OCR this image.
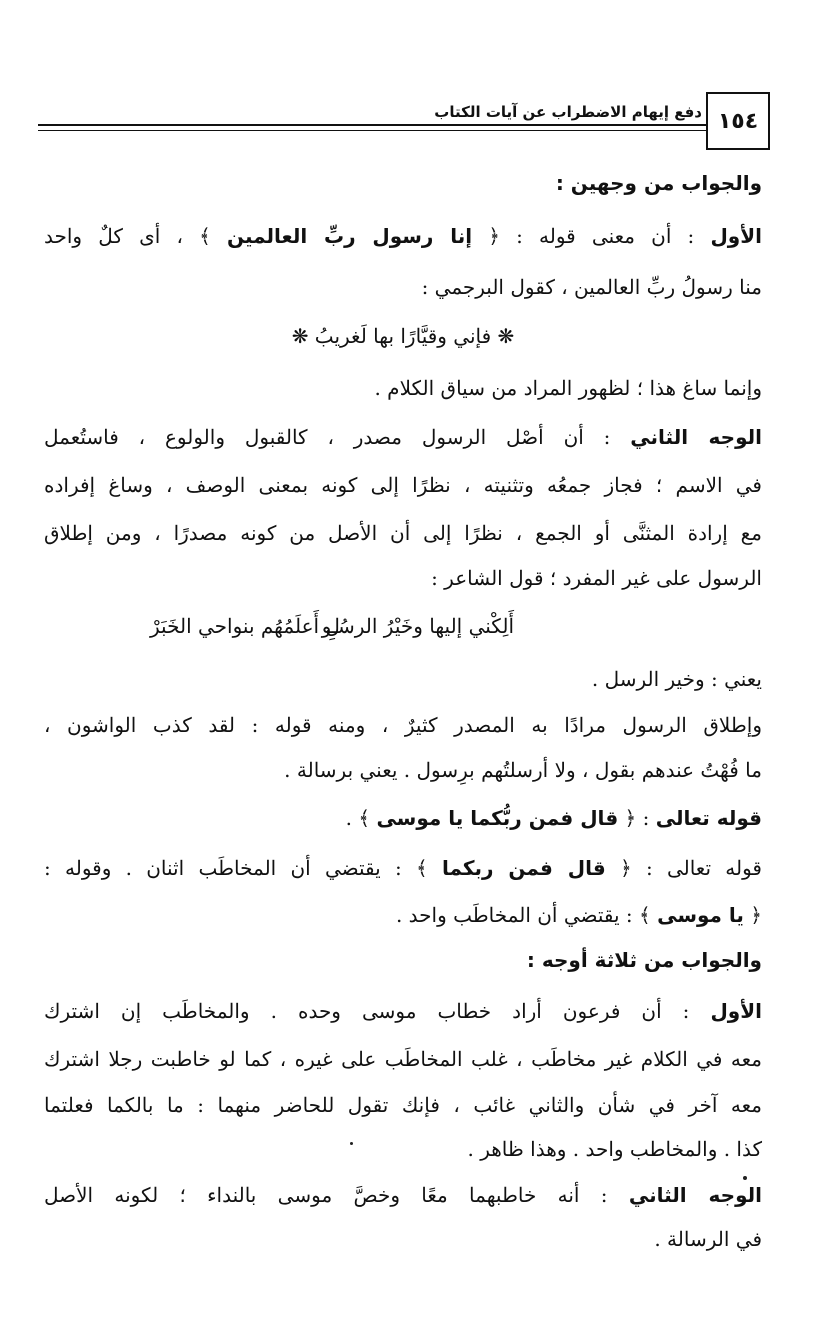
دفع إيهام الاضطراب عن آيات الكتاب ١٥٤
والجواب من وجهين :
الأول : أن معنى قوله : ﴿ إنا رسول ربِّ العالمين ﴾ ، أى كلٌ واحد
منا رسولُ ربِّ العالمين ، كقول البرجمي :
❋ فإني وقيَّارًا بها لَغريبُ ❋
وإنما ساغ هذا ؛ لظهور المراد من سياق الكلام .
الوجه الثاني : أن أصْل الرسول مصدر ، كالقبول والولوع ، فاستُعمل
في الاسم ؛ فجاز جمعُه وتثنيته ، نظرًا إلى كونه بمعنى الوصف ، وساغ إفراده
مع إرادة المثنَّى أو الجمع ، نظرًا إلى أن الأصل من كونه مصدرًا ، ومن إطلاق
الرسول على غير المفرد ؛ قول الشاعر :
أَلِكْني إليها وخَيْرُ الرسُـو
لِ أَعلَمُهُم بنواحي الخَبَرْ
يعني : وخير الرسل .
وإطلاق الرسول مرادًا به المصدر كثيرٌ ، ومنه قوله : لقد كذب الواشون ،
ما فُهْتُ عندهم بقول ، ولا أرسلتُهم برِسول . يعني برسالة .
قوله تعالى : ﴿ قال فمن ربُّكما يا موسى ﴾ .
قوله تعالى : ﴿ قال فمن ربكما ﴾ : يقتضي أن المخاطَب اثنان . وقوله :
﴿ يا موسى ﴾ : يقتضي أن المخاطَب واحد .
والجواب من ثلاثة أوجه :
الأول : أن فرعون أراد خطاب موسى وحده . والمخاطَب إن اشترك
معه في الكلام غير مخاطَب ، غلب المخاطَب على غيره ، كما لو خاطبت رجلا اشترك
معه آخر في شأن والثاني غائب ، فإنك تقول للحاضر منهما : ما بالكما فعلتما
كذا . والمخاطب واحد . وهذا ظاهر .
الوجه الثاني : أنه خاطبهما معًا وخصَّ موسى بالنداء ؛ لكونه الأصل
في الرسالة .
